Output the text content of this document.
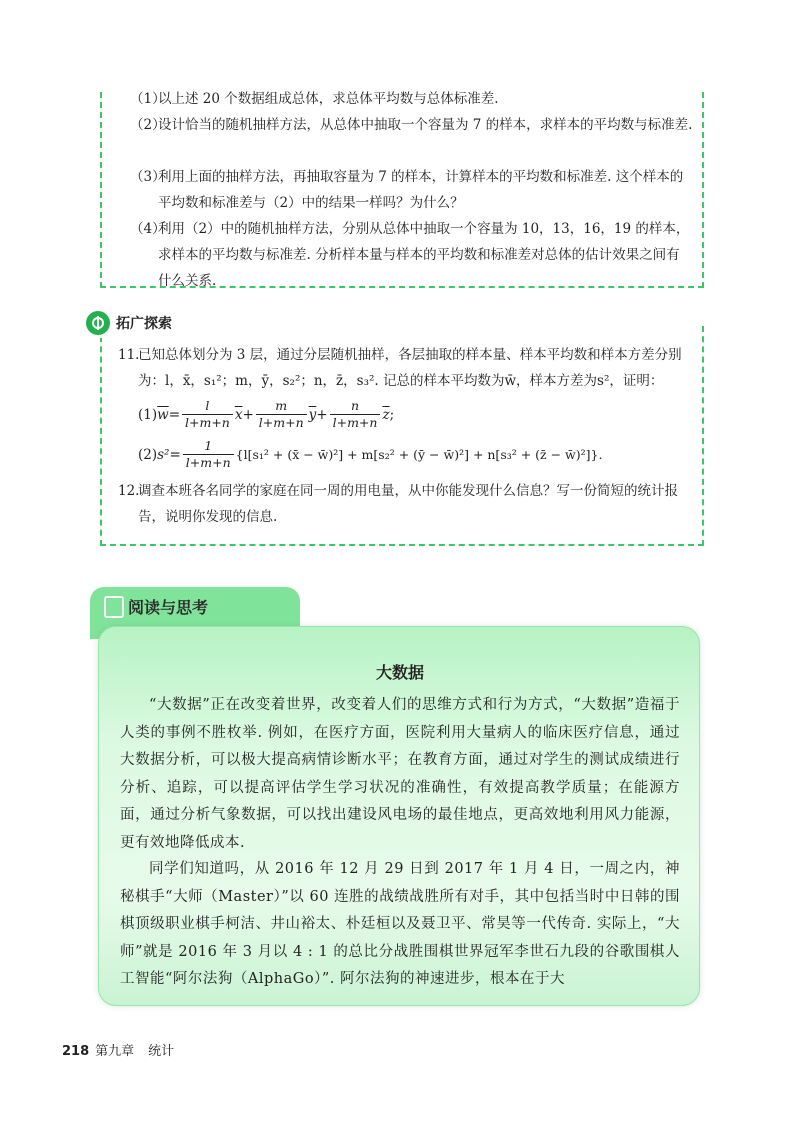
（1）
以上述 20 个数据组成总体，求总体平均数与总体标准差.
（2）
设计恰当的随机抽样方法，从总体中抽取一个容量为 7 的样本，求样本的平均数与标准差.
（3）
利用上面的抽样方法，再抽取容量为 7 的样本，计算样本的平均数和标准差. 这个样本的平均数和标准差与（2）中的结果一样吗？为什么？
（4）
利用（2）中的随机抽样方法，分别从总体中抽取一个容量为 10，13，16，19 的样本，求样本的平均数与标准差. 分析样本量与样本的平均数和标准差对总体的估计效果之间有什么关系.
拓广探索
11.
已知总体划分为 3 层，通过分层随机抽样，各层抽取的样本量、样本平均数和样本方差分别
为：l，x̄，s₁²；m，ȳ，s₂²；n，z̄，s₃². 记总的样本平均数为w̄，样本方差为s²，证明：
(1) $\overline{w} = \frac{l}{l+m+n} \overline{x} + \frac{m}{l+m+n} \overline{y} + \frac{n}{l+m+n} \overline{z}$ ;
(2) $s^2 = \frac{1}{l+m+n} \{l[s_1^2$ + (x̄ − w̄)²] + m[s₂² + (ȳ − w̄)²] + n[s₃² + (z̄ − w̄)²]}.
12.
调查本班各名同学的家庭在同一周的用电量，从中你能发现什么信息？写一份简短的统计报告，说明你发现的信息.
阅读与思考
大数据
“大数据”正在改变着世界，改变着人们的思维方式和行为方式，“大数据”造福于人类的事例不胜枚举. 例如，在医疗方面，医院利用大量病人的临床医疗信息，通过大数据分析，可以极大提高病情诊断水平；在教育方面，通过对学生的测试成绩进行分析、追踪，可以提高评估学生学习状况的准确性，有效提高教学质量；在能源方面，通过分析气象数据，可以找出建设风电场的最佳地点，更高效地利用风力能源，更有效地降低成本.
同学们知道吗，从 2016 年 12 月 29 日到 2017 年 1 月 4 日，一周之内，神秘棋手“大师（Master）”以 60 连胜的战绩战胜所有对手，其中包括当时中日韩的围棋顶级职业棋手柯洁、井山裕太、朴廷桓以及聂卫平、常昊等一代传奇. 实际上，“大师”就是 2016 年 3 月以 4 : 1 的总比分战胜围棋世界冠军李世石九段的谷歌围棋人工智能“阿尔法狗（AlphaGo）”. 阿尔法狗的神速进步，根本在于大
218 第九章 统计
